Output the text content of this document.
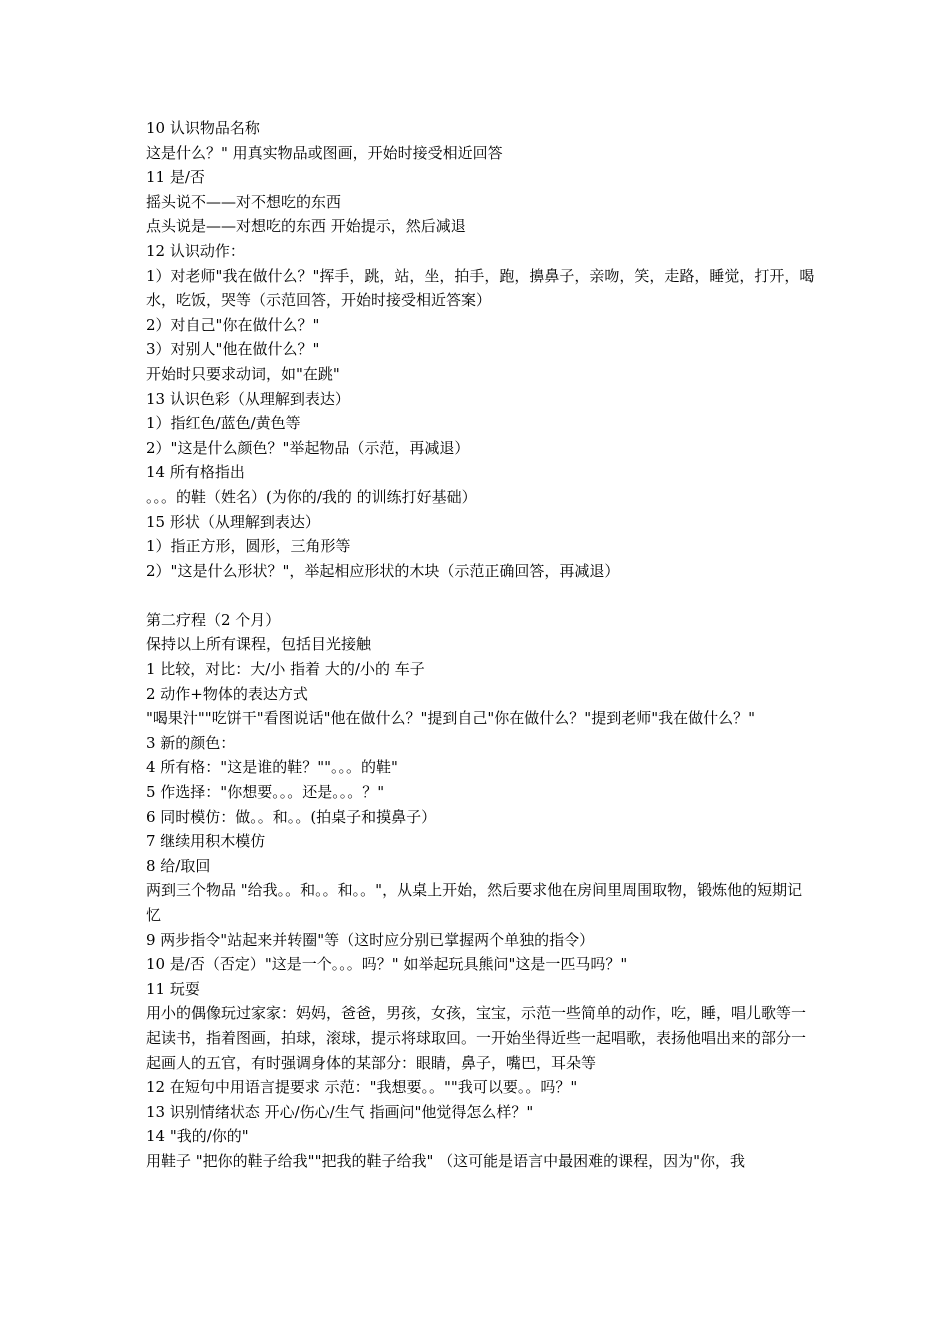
10 认识物品名称
这是什么？" 用真实物品或图画，开始时接受相近回答
11 是/否
摇头说不——对不想吃的东西
点头说是——对想吃的东西 开始提示，然后减退
12 认识动作：
1）对老师"我在做什么？"挥手，跳，站，坐，拍手，跑，擤鼻子，亲吻，笑，走路，睡觉，打开，喝水，吃饭，哭等（示范回答，开始时接受相近答案）
2）对自己"你在做什么？"
3）对别人"他在做什么？"
开始时只要求动词，如"在跳"
13 认识色彩（从理解到表达）
1）指红色/蓝色/黄色等
2）"这是什么颜色？"举起物品（示范，再减退）
14 所有格指出
。。。的鞋（姓名）(为你的/我的 的训练打好基础）
15 形状（从理解到表达）
1）指正方形，圆形，三角形等
2）"这是什么形状？"，举起相应形状的木块（示范正确回答，再减退）
第二疗程（2 个月）
保持以上所有课程，包括目光接触
1 比较，对比：大/小 指着 大的/小的 车子
2 动作+物体的表达方式
"喝果汁""吃饼干"看图说话"他在做什么？"提到自己"你在做什么？"提到老师"我在做什么？"
3 新的颜色：
4 所有格："这是谁的鞋？""。。。的鞋"
5 作选择："你想要。。。还是。。。？"
6 同时模仿：做。。和。。(拍桌子和摸鼻子）
7 继续用积木模仿
8 给/取回
两到三个物品 "给我。。和。。和。。"，从桌上开始，然后要求他在房间里周围取物，锻炼他的短期记忆
9 两步指令"站起来并转圈"等（这时应分别已掌握两个单独的指令）
10 是/否（否定）"这是一个。。。吗？" 如举起玩具熊问"这是一匹马吗？"
11 玩耍
用小的偶像玩过家家：妈妈，爸爸，男孩，女孩，宝宝，示范一些简单的动作，吃，睡，唱儿歌等一起读书，指着图画，拍球，滚球，提示将球取回。一开始坐得近些一起唱歌，表扬他唱出来的部分一起画人的五官，有时强调身体的某部分：眼睛，鼻子，嘴巴，耳朵等
12 在短句中用语言提要求 示范："我想要。。""我可以要。。吗？"
13 识别情绪状态 开心/伤心/生气 指画问"他觉得怎么样？"
14 "我的/你的"
用鞋子 "把你的鞋子给我""把我的鞋子给我" （这可能是语言中最困难的课程，因为"你，我
